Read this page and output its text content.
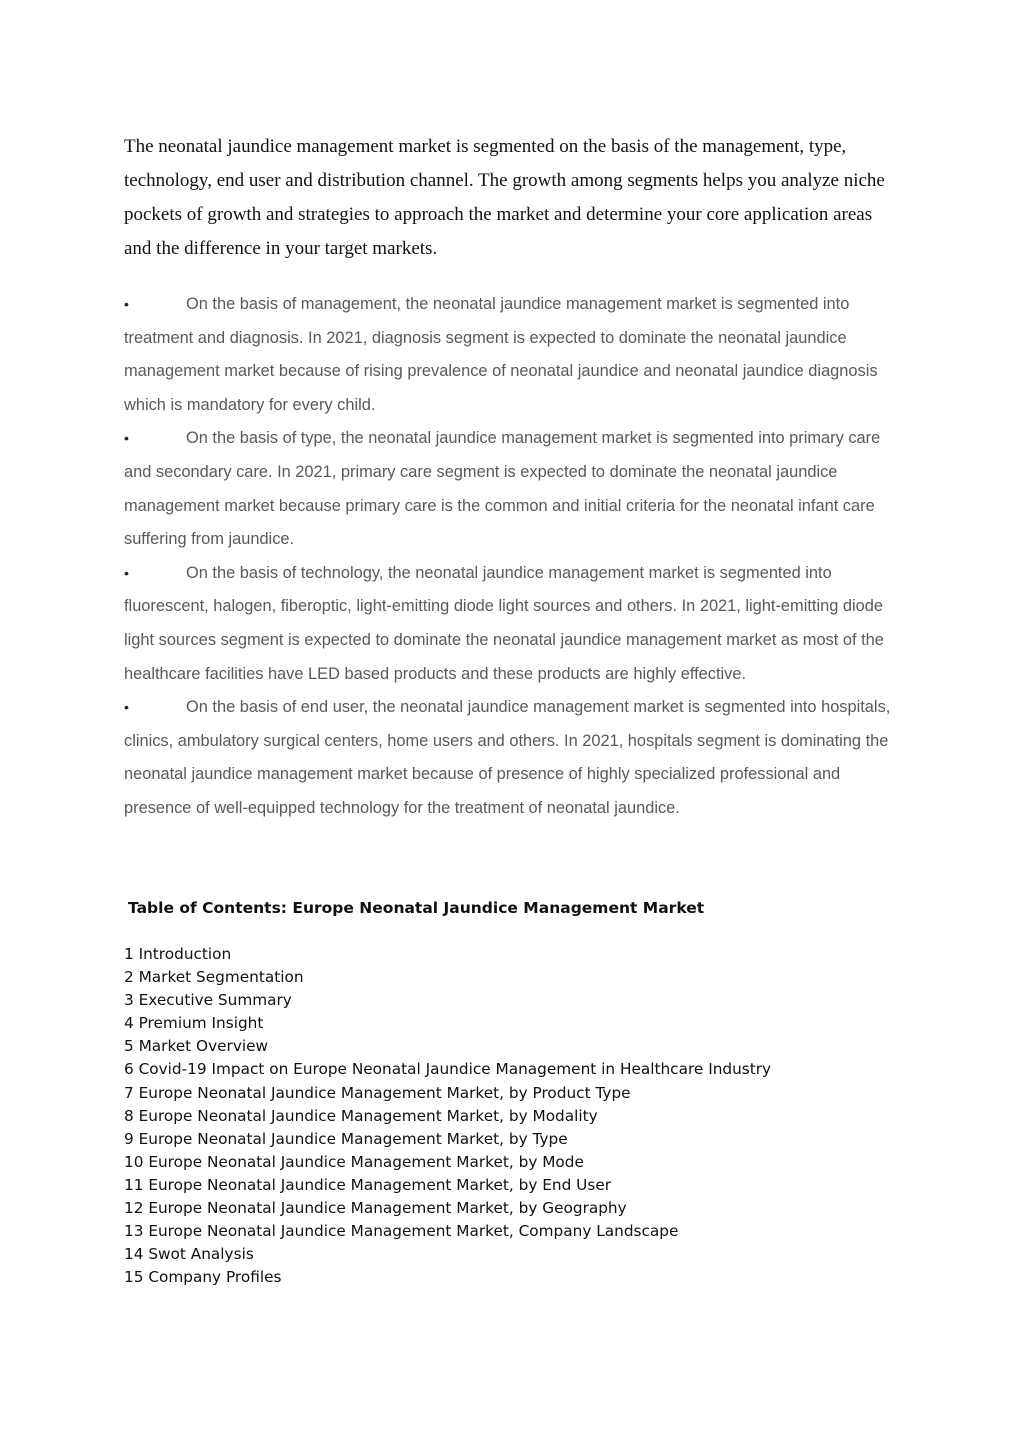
The neonatal jaundice management market is segmented on the basis of the management, type, technology, end user and distribution channel. The growth among segments helps you analyze niche pockets of growth and strategies to approach the market and determine your core application areas and the difference in your target markets.

•	On the basis of management, the neonatal jaundice management market is segmented into treatment and diagnosis. In 2021, diagnosis segment is expected to dominate the neonatal jaundice management market because of rising prevalence of neonatal jaundice and neonatal jaundice diagnosis which is mandatory for every child.
•	On the basis of type, the neonatal jaundice management market is segmented into primary care and secondary care. In 2021, primary care segment is expected to dominate the neonatal jaundice management market because primary care is the common and initial criteria for the neonatal infant care suffering from jaundice.
•	On the basis of technology, the neonatal jaundice management market is segmented into fluorescent, halogen, fiberoptic, light-emitting diode light sources and others. In 2021, light-emitting diode light sources segment is expected to dominate the neonatal jaundice management market as most of the healthcare facilities have LED based products and these products are highly effective.
•	On the basis of end user, the neonatal jaundice management market is segmented into hospitals, clinics, ambulatory surgical centers, home users and others. In 2021, hospitals segment is dominating the neonatal jaundice management market because of presence of highly specialized professional and presence of well-equipped technology for the treatment of neonatal jaundice.
Table of Contents: Europe Neonatal Jaundice Management Market
1 Introduction
2 Market Segmentation
3 Executive Summary
4 Premium Insight
5 Market Overview
6 Covid-19 Impact on Europe Neonatal Jaundice Management in Healthcare Industry
7 Europe Neonatal Jaundice Management Market, by Product Type
8 Europe Neonatal Jaundice Management Market, by Modality
9 Europe Neonatal Jaundice Management Market, by Type
10 Europe Neonatal Jaundice Management Market, by Mode
11 Europe Neonatal Jaundice Management Market, by End User
12 Europe Neonatal Jaundice Management Market, by Geography
13 Europe Neonatal Jaundice Management Market, Company Landscape
14 Swot Analysis
15 Company Profiles
